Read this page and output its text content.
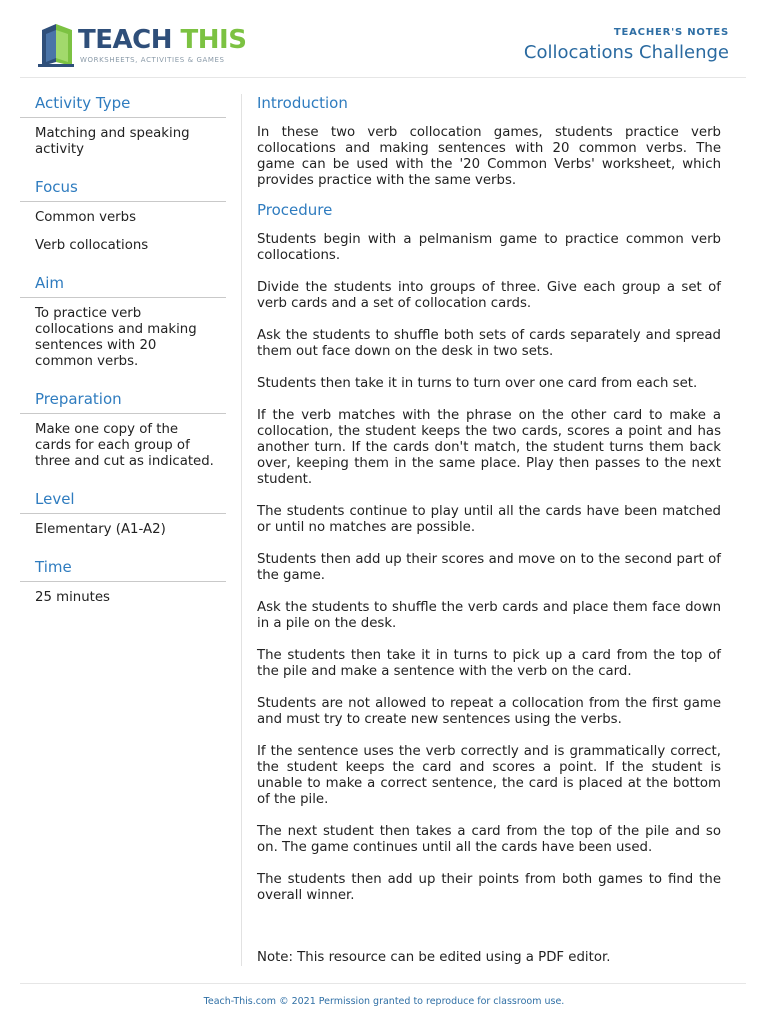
TEACH THIS
WORKSHEETS, ACTIVITIES & GAMES
TEACHER'S NOTES
Collocations Challenge
Activity Type
Matching and speaking activity
Focus
Common verbs
Verb collocations
Aim
To practice verb collocations and making sentences with 20 common verbs.
Preparation
Make one copy of the cards for each group of three and cut as indicated.
Level
Elementary (A1-A2)
Time
25 minutes
Introduction

In these two verb collocation games, students practice verb collocations and making sentences with 20 common verbs. The game can be used with the '20 Common Verbs' worksheet, which provides practice with the same verbs.

Procedure

Students begin with a pelmanism game to practice common verb collocations.

Divide the students into groups of three. Give each group a set of verb cards and a set of collocation cards.

Ask the students to shuffle both sets of cards separately and spread them out face down on the desk in two sets.

Students then take it in turns to turn over one card from each set.

If the verb matches with the phrase on the other card to make a collocation, the student keeps the two cards, scores a point and has another turn. If the cards don't match, the student turns them back over, keeping them in the same place. Play then passes to the next student.

The students continue to play until all the cards have been matched or until no matches are possible.

Students then add up their scores and move on to the second part of the game.

Ask the students to shuffle the verb cards and place them face down in a pile on the desk.

The students then take it in turns to pick up a card from the top of the pile and make a sentence with the verb on the card.

Students are not allowed to repeat a collocation from the first game and must try to create new sentences using the verbs.

If the sentence uses the verb correctly and is grammatically correct, the student keeps the card and scores a point. If the student is unable to make a correct sentence, the card is placed at the bottom of the pile.

The next student then takes a card from the top of the pile and so on. The game continues until all the cards have been used.

The students then add up their points from both games to find the overall winner.

Note: This resource can be edited using a PDF editor.
Teach-This.com © 2021 Permission granted to reproduce for classroom use.
